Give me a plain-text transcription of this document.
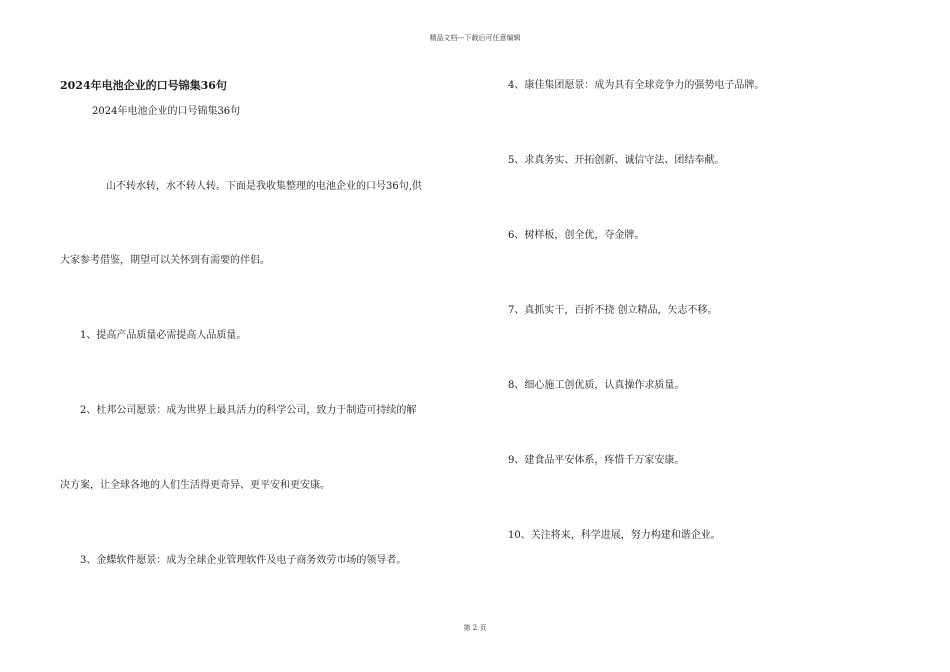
精品文档---下载后可任意编辑
2024年电池企业的口号锦集36句
2024年电池企业的口号锦集36句
山不转水转，水不转人转。下面是我收集整理的电池企业的口号36句,供
大家参考借鉴，期望可以关怀到有需要的伴侣。
1、提高产品质量必需提高人品质量。
2、杜邦公司愿景：成为世界上最具活力的科学公司，致力于制造可持续的解
决方案，让全球各地的人们生活得更奇异、更平安和更安康。
3、金蝶软件愿景：成为全球企业管理软件及电子商务效劳市场的领导者。
4、康佳集团愿景：成为具有全球竞争力的强势电子品牌。
5、求真务实、开拓创新、诚信守法、团结奉献。
6、树样板，创全优，夺金牌。
7、真抓实干，百折不挠 创立精品，矢志不移。
8、细心施工创优质，认真操作求质量。
9、建食品平安体系，疼惜千万家安康。
10、关注将来，科学进展，努力构建和谐企业。
第 2 页
